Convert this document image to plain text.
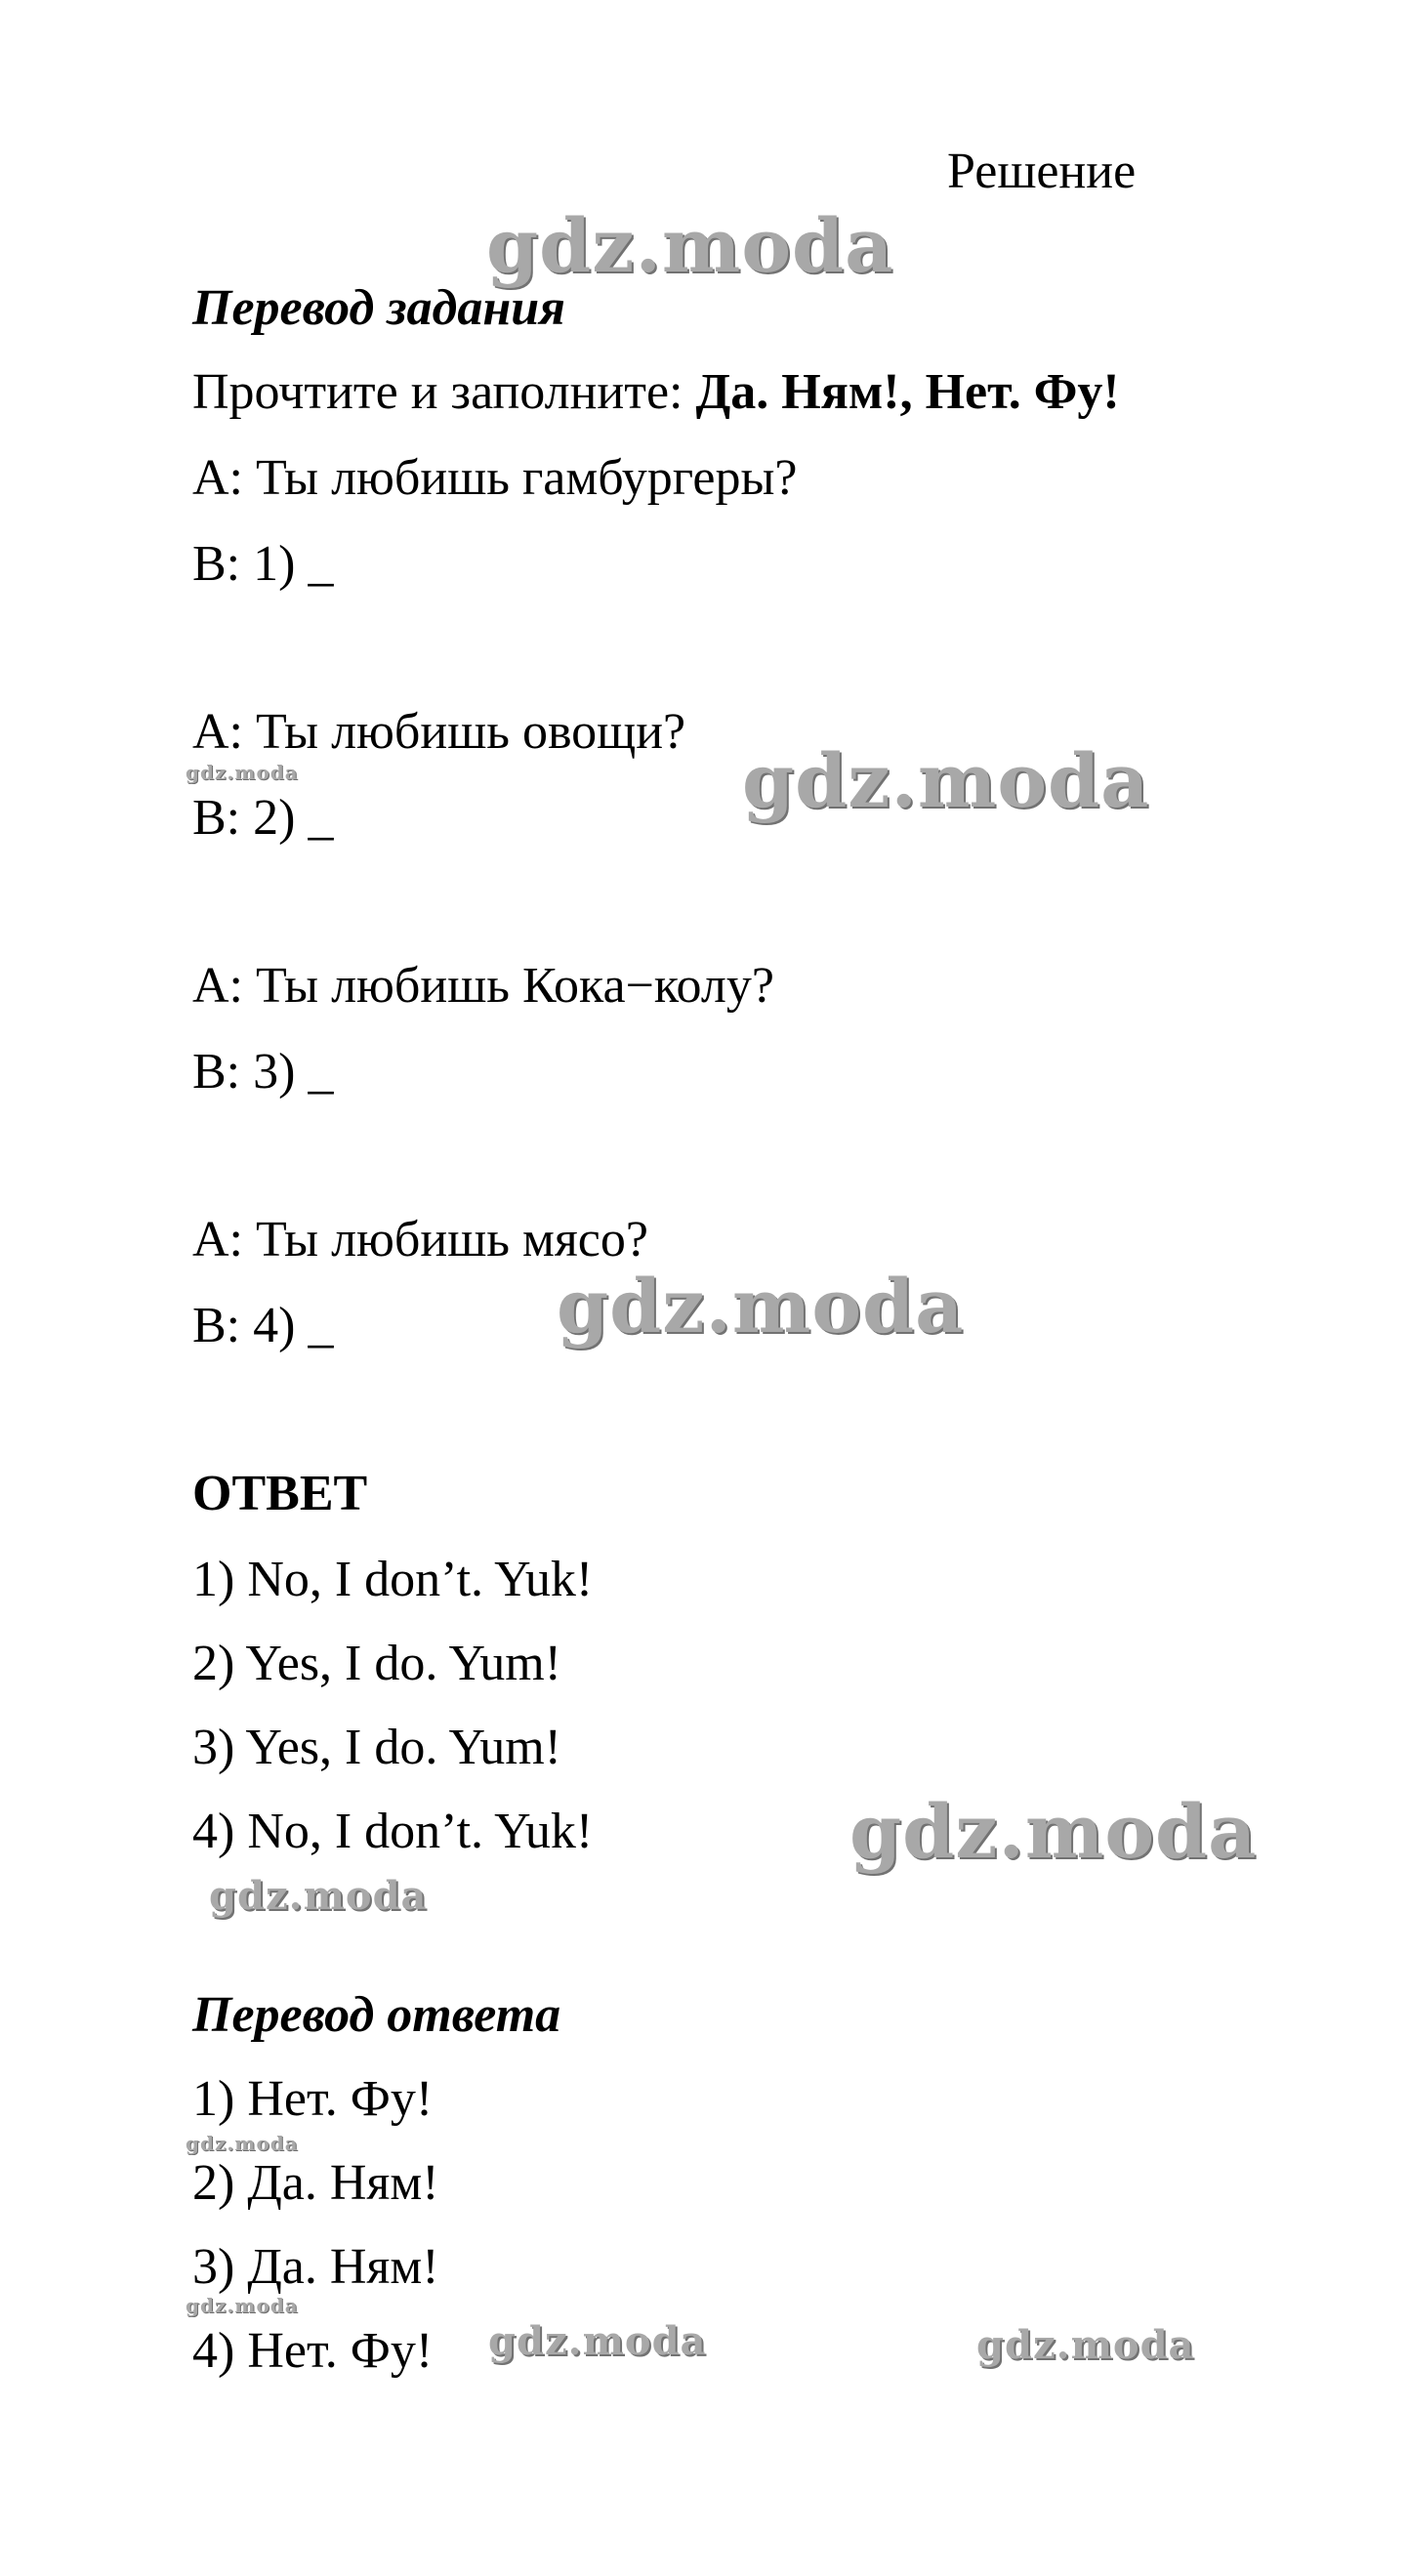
Решение
Перевод задания
Прочтите и заполните: Да. Ням!, Нет. Фу!
A: Ты любишь гамбургеры?
B: 1) _
A: Ты любишь овощи?
B: 2) _
A: Ты любишь Кока−колу?
B: 3) _
A: Ты любишь мясо?
B: 4) _
ОТВЕТ
1) No, I don’t. Yuk!
2) Yes, I do. Yum!
3) Yes, I do. Yum!
4) No, I don’t. Yuk!
Перевод ответа
1) Нет. Фу!
2) Да. Ням!
3) Да. Ням!
4) Нет. Фу!
gdz.moda
gdz.moda	gdz.moda
gdz.moda
gdz.moda
gdz.moda
gdz.moda
gdz.moda
gdz.moda	gdz.moda
